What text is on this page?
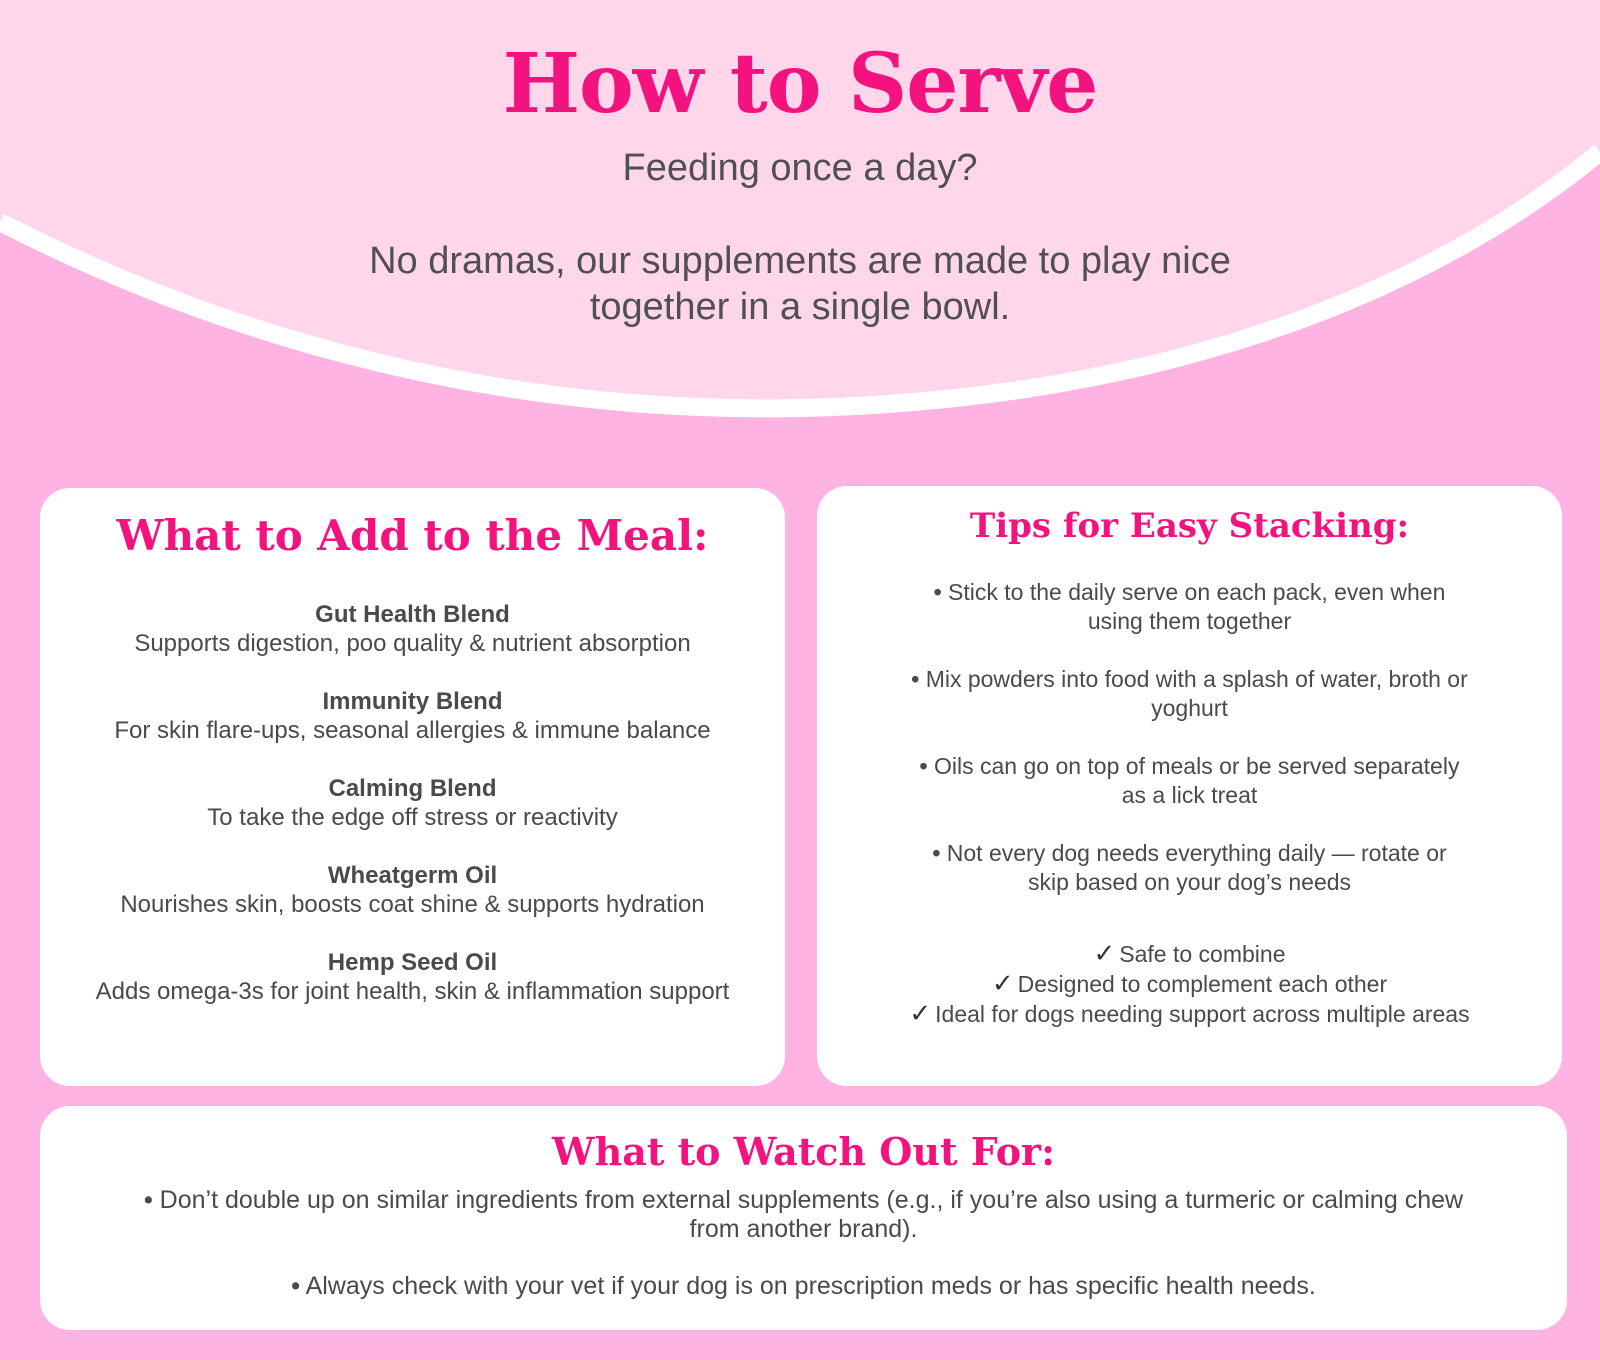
How to Serve

Feeding once a day?

No dramas, our supplements are made to play nice together in a single bowl.

What to Add to the Meal:
Gut Health Blend
Supports digestion, poo quality & nutrient absorption
Immunity Blend
For skin flare-ups, seasonal allergies & immune balance
Calming Blend
To take the edge off stress or reactivity
Wheatgerm Oil
Nourishes skin, boosts coat shine & supports hydration
Hemp Seed Oil
Adds omega-3s for joint health, skin & inflammation support
Tips for Easy Stacking:
• Stick to the daily serve on each pack, even when using them together
• Mix powders into food with a splash of water, broth or yoghurt
• Oils can go on top of meals or be served separately as a lick treat
• Not every dog needs everything daily — rotate or skip based on your dog’s needs
✓ Safe to combine
✓ Designed to complement each other
✓ Ideal for dogs needing support across multiple areas
What to Watch Out For:
• Don’t double up on similar ingredients from external supplements (e.g., if you’re also using a turmeric or calming chew from another brand).
• Always check with your vet if your dog is on prescription meds or has specific health needs.
